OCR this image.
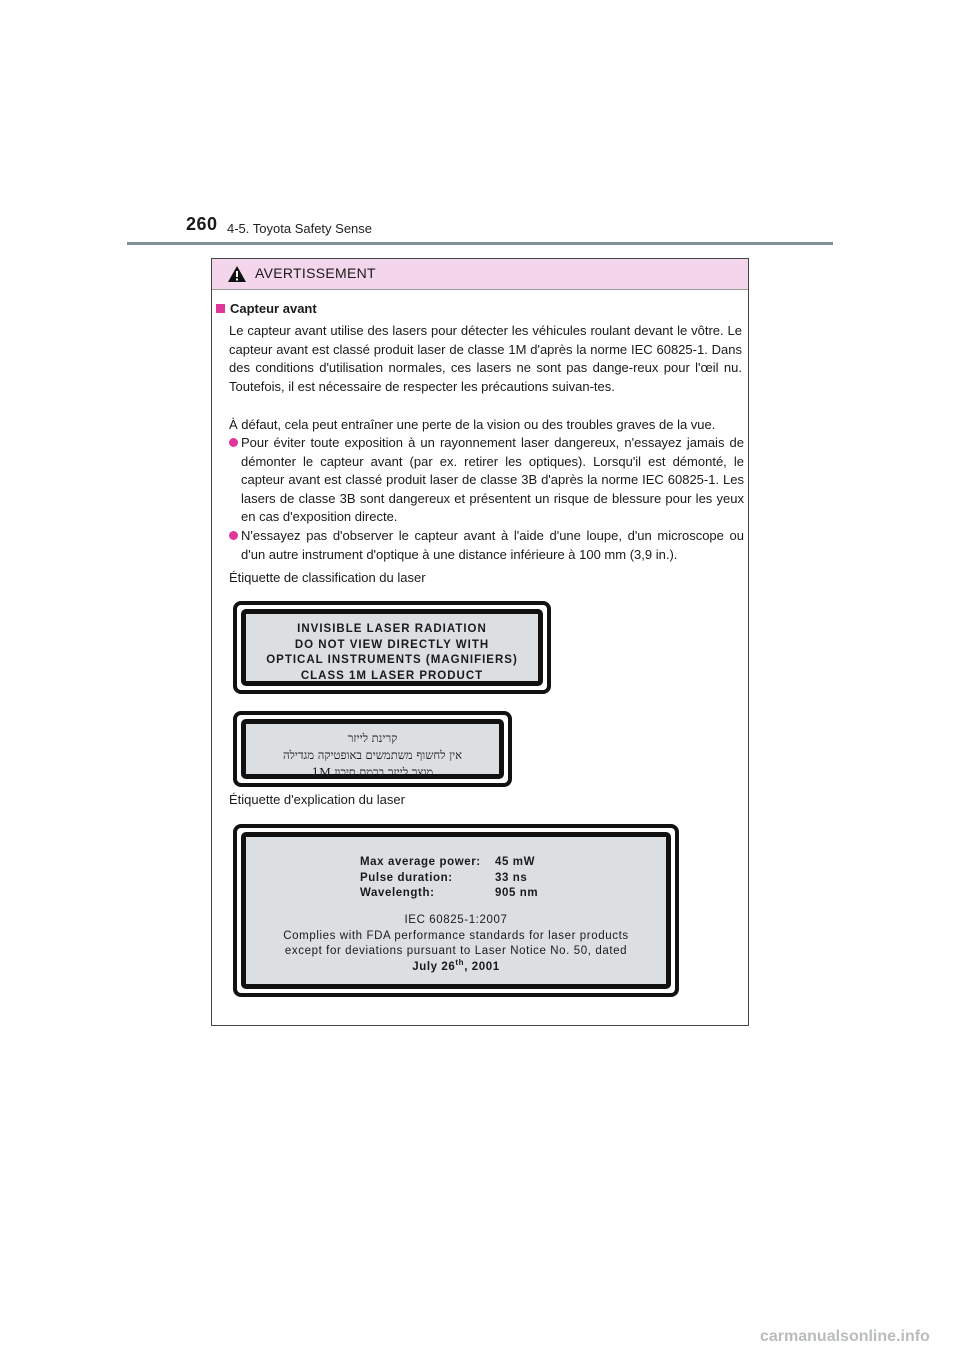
260 4-5. Toyota Safety Sense
AVERTISSEMENT
Capteur avant
Le capteur avant utilise des lasers pour détecter les véhicules roulant devant le vôtre. Le capteur avant est classé produit laser de classe 1M d'après la norme IEC 60825-1. Dans des conditions d'utilisation normales, ces lasers ne sont pas dange-reux pour l'œil nu. Toutefois, il est nécessaire de respecter les précautions suivan-tes.
À défaut, cela peut entraîner une perte de la vision ou des troubles graves de la vue.
Pour éviter toute exposition à un rayonnement laser dangereux, n'essayez jamais de démonter le capteur avant (par ex. retirer les optiques). Lorsqu'il est démonté, le capteur avant est classé produit laser de classe 3B d'après la norme IEC 60825-1. Les lasers de classe 3B sont dangereux et présentent un risque de blessure pour les yeux en cas d'exposition directe.
N'essayez pas d'observer le capteur avant à l'aide d'une loupe, d'un microscope ou d'un autre instrument d'optique à une distance inférieure à 100 mm (3,9 in.).
Étiquette de classification du laser
INVISIBLE LASER RADIATION
DO NOT VIEW DIRECTLY WITH
OPTICAL INSTRUMENTS (MAGNIFIERS)
CLASS 1M LASER PRODUCT
קרינת לייזר
אין לחשוף משתמשים באופטיקה מגדילה
מוצר לייזר ברמת סיכון 1M
Étiquette d'explication du laser
Max average power: 45 mW
Pulse duration:	33 ns
Wavelength:	905 nm
IEC 60825-1:2007
Complies with FDA performance standards for laser products
except for deviations pursuant to Laser Notice No. 50, dated
July 26th, 2001
carmanualsonline.info
